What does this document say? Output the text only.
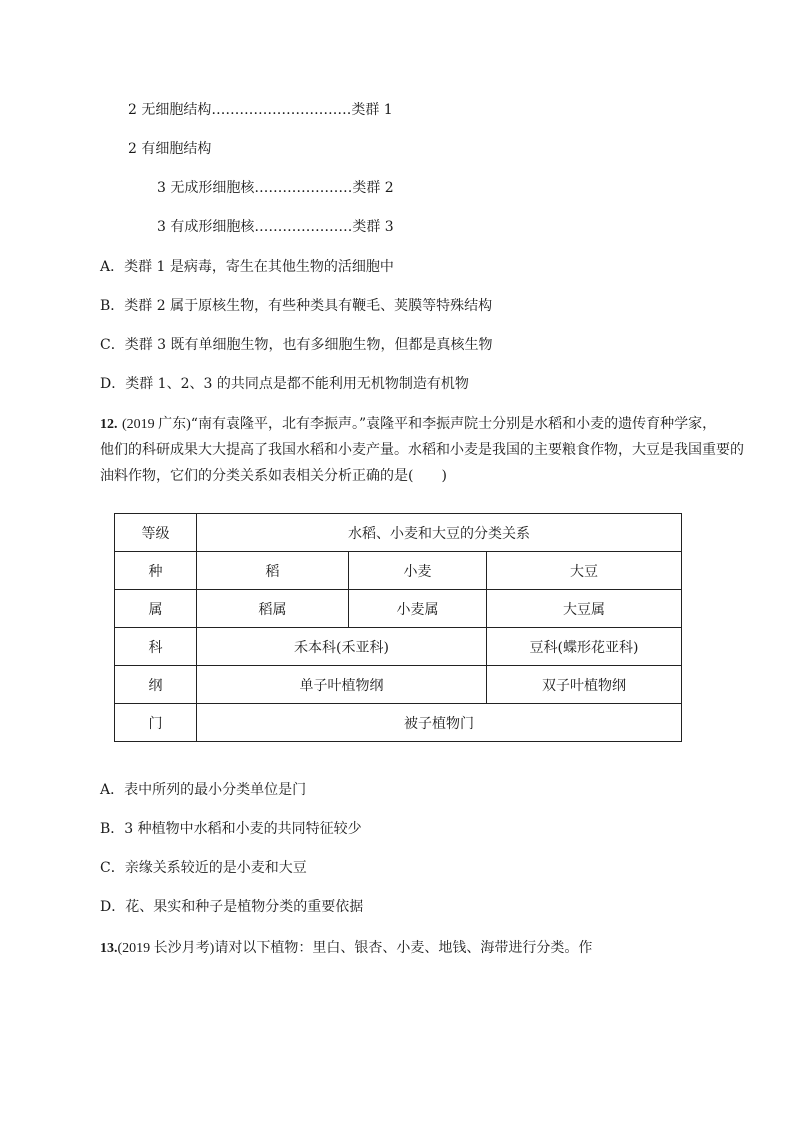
2 无细胞结构…………………………类群 1
2 有细胞结构
3 无成形细胞核…………………类群 2
3 有成形细胞核…………………类群 3
A．类群 1 是病毒，寄生在其他生物的活细胞中
B．类群 2 属于原核生物，有些种类具有鞭毛、荚膜等特殊结构
C．类群 3 既有单细胞生物，也有多细胞生物，但都是真核生物
D．类群 1、2、3 的共同点是都不能利用无机物制造有机物
12. (2019 广东)“南有袁隆平，北有李振声。”袁隆平和李振声院士分别是水稻和小麦的遗传育种学家，
他们的科研成果大大提高了我国水稻和小麦产量。水稻和小麦是我国的主要粮食作物，大豆是我国重要的
油料作物，它们的分类关系如表相关分析正确的是(　　)
等级	水稻、小麦和大豆的分类关系		
种	稻	小麦	大豆
属	稻属	小麦属	大豆属
科	禾本科(禾亚科)		豆科(蝶形花亚科)
纲	单子叶植物纲		双子叶植物纲
门	被子植物门		
A．表中所列的最小分类单位是门
B．3 种植物中水稻和小麦的共同特征较少
C．亲缘关系较近的是小麦和大豆
D．花、果实和种子是植物分类的重要依据
13.(2019 长沙月考)请对以下植物：里白、银杏、小麦、地钱、海带进行分类。作
